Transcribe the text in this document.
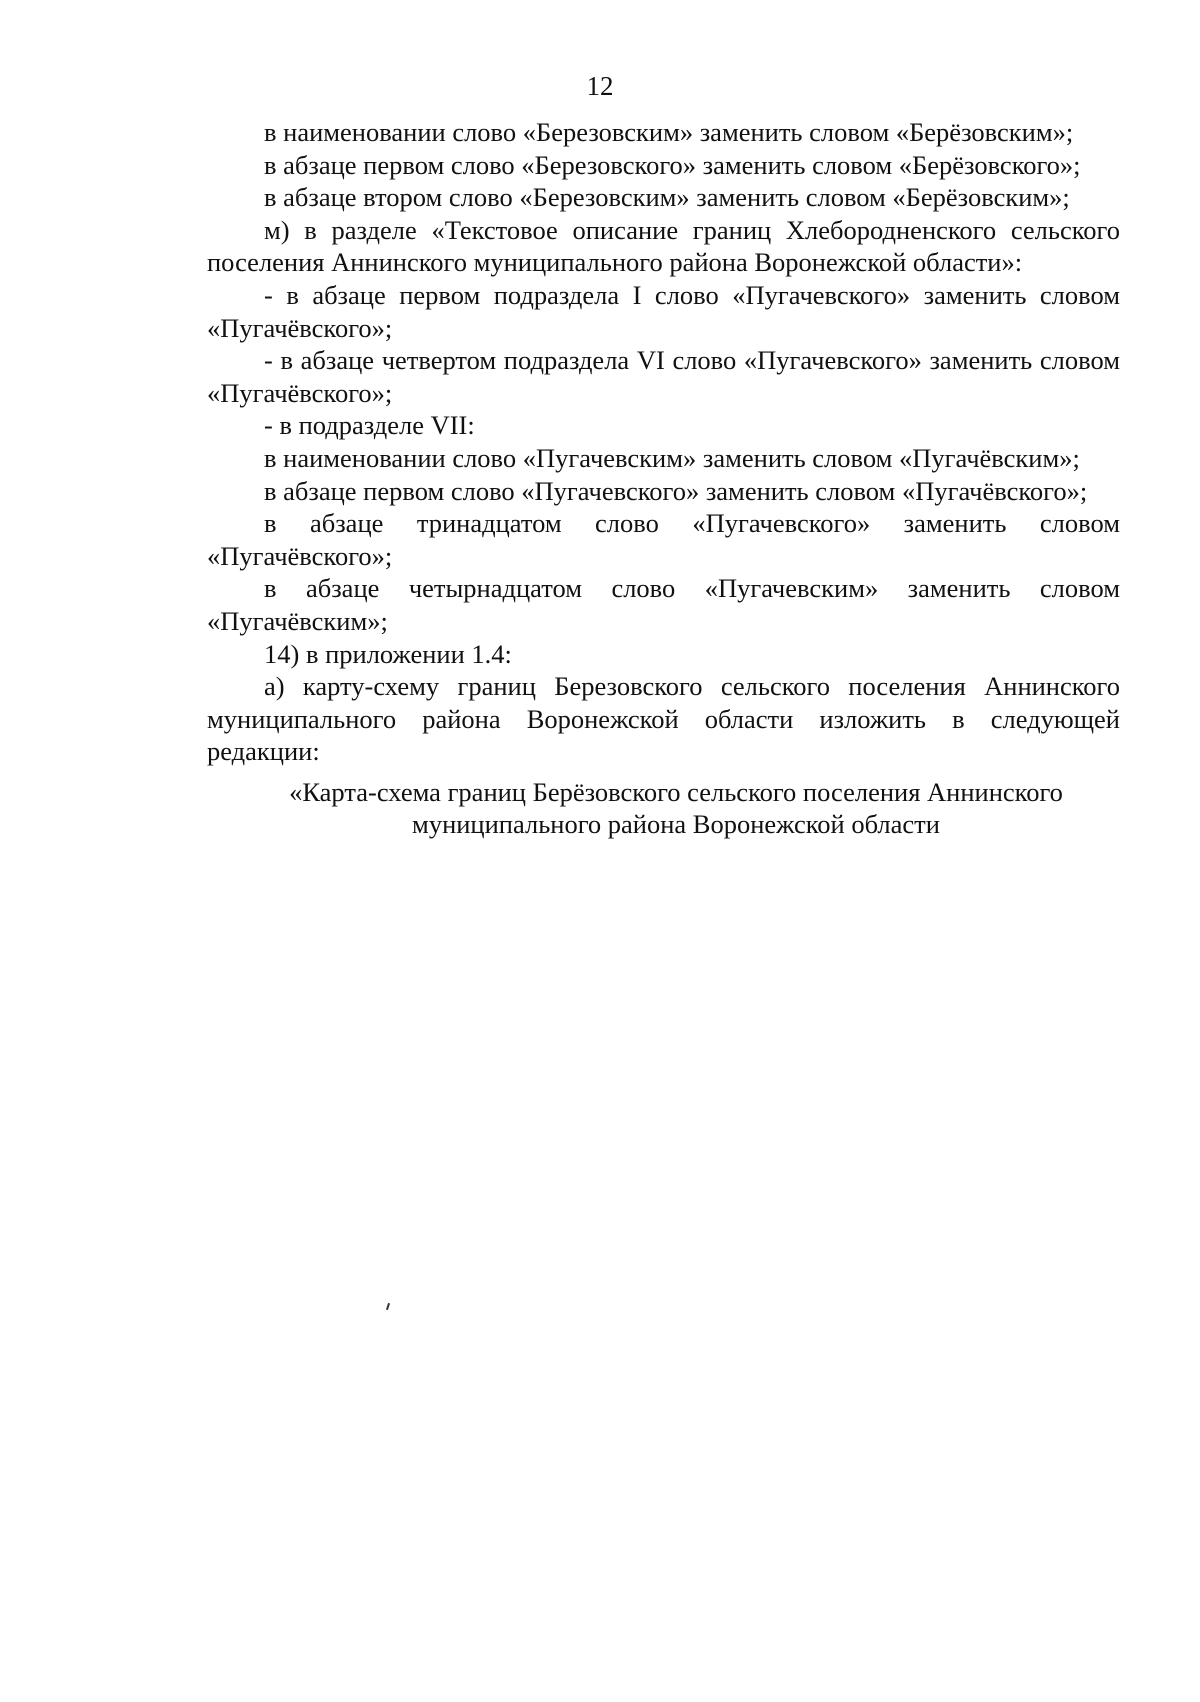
12

в наименовании слово «Березовским» заменить словом «Берёзовским»;

в абзаце первом слово «Березовского» заменить словом «Берёзовского»;

в абзаце втором слово «Березовским» заменить словом «Берёзовским»;

м) в разделе «Текстовое описание границ Хлебородненского сельского поселения Аннинского муниципального района Воронежской области»:

- в абзаце первом подраздела I слово «Пугачевского» заменить словом «Пугачёвского»;

- в абзаце четвертом подраздела VI слово «Пугачевского» заменить словом «Пугачёвского»;

- в подразделе VII:

в наименовании слово «Пугачевским» заменить словом «Пугачёвским»;

в абзаце первом слово «Пугачевского» заменить словом «Пугачёвского»;

в абзаце тринадцатом слово «Пугачевского» заменить словом «Пугачёвского»;

в абзаце четырнадцатом слово «Пугачевским» заменить словом «Пугачёвским»;

14) в приложении 1.4:

а) карту-схему границ Березовского сельского поселения Аннинского муниципального района Воронежской области изложить в следующей редакции:

«Карта-схема границ Берёзовского сельского поселения Аннинского
муниципального района Воронежской области
